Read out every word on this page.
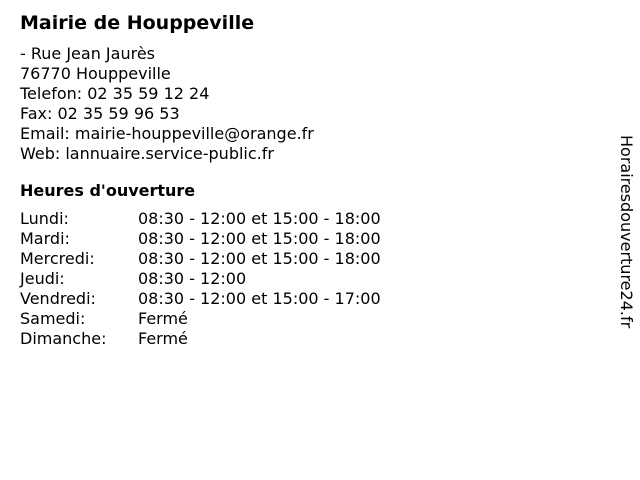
Mairie de Houppeville
- Rue Jean Jaurès
76770 Houppeville
Telefon: 02 35 59 12 24
Fax: 02 35 59 96 53
Email: mairie-houppeville@orange.fr
Web: lannuaire.service-public.fr
Heures d'ouverture
Lundi:	08:30 - 12:00 et 15:00 - 18:00
Mardi:	08:30 - 12:00 et 15:00 - 18:00
Mercredi:	08:30 - 12:00 et 15:00 - 18:00
Jeudi:	08:30 - 12:00
Vendredi:	08:30 - 12:00 et 15:00 - 17:00
Samedi:	Fermé
Dimanche:	Fermé
Horairesdouverture24.fr
